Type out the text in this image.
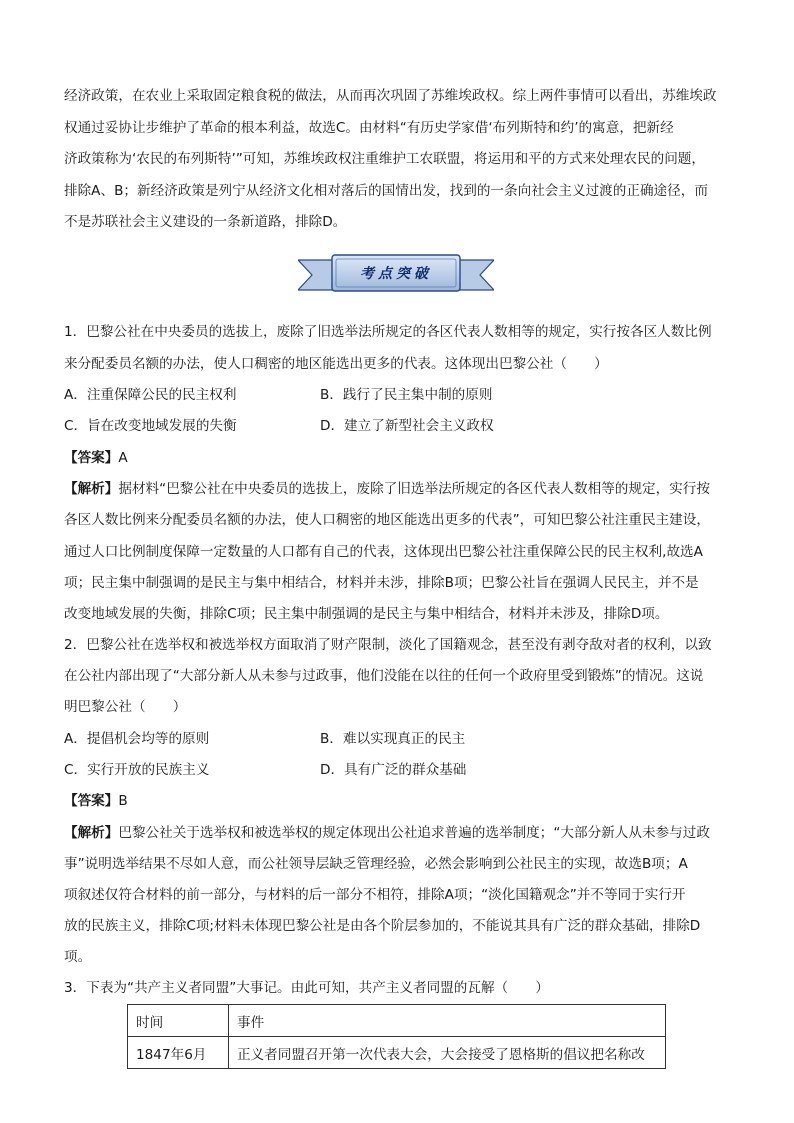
经济政策，在农业上采取固定粮食税的做法，从而再次巩固了苏维埃政权。综上两件事情可以看出，苏维埃政
权通过妥协让步维护了革命的根本利益，故选C。由材料“有历史学家借‘布列斯特和约’的寓意，把新经
济政策称为‘农民的布列斯特’”可知，苏维埃政权注重维护工农联盟，将运用和平的方式来处理农民的问题，
排除A、B；新经济政策是列宁从经济文化相对落后的国情出发，找到的一条向社会主义过渡的正确途径，而
不是苏联社会主义建设的一条新道路，排除D。
考点突破
1．巴黎公社在中央委员的选拔上，废除了旧选举法所规定的各区代表人数相等的规定，实行按各区人数比例
来分配委员名额的办法，使人口稠密的地区能选出更多的代表。这体现出巴黎公社（　　）
A．注重保障公民的民主权利	B．践行了民主集中制的原则
C．旨在改变地域发展的失衡	D．建立了新型社会主义政权
【答案】A
【解析】据材料“巴黎公社在中央委员的选拔上，废除了旧选举法所规定的各区代表人数相等的规定，实行按
各区人数比例来分配委员名额的办法，使人口稠密的地区能选出更多的代表”，可知巴黎公社注重民主建设，
通过人口比例制度保障一定数量的人口都有自己的代表，这体现出巴黎公社注重保障公民的民主权利,故选A
项；民主集中制强调的是民主与集中相结合，材料并未涉，排除B项；巴黎公社旨在强调人民民主，并不是
改变地域发展的失衡，排除C项；民主集中制强调的是民主与集中相结合，材料并未涉及，排除D项。
2．巴黎公社在选举权和被选举权方面取消了财产限制，淡化了国籍观念，甚至没有剥夺敌对者的权利，以致
在公社内部出现了“大部分新人从未参与过政事，他们没能在以往的任何一个政府里受到锻炼”的情况。这说
明巴黎公社（　　）
A．提倡机会均等的原则	B．难以实现真正的民主
C．实行开放的民族主义	D．具有广泛的群众基础
【答案】B
【解析】巴黎公社关于选举权和被选举权的规定体现出公社追求普遍的选举制度；“大部分新人从未参与过政
事”说明选举结果不尽如人意，而公社领导层缺乏管理经验，必然会影响到公社民主的实现，故选B项；A
项叙述仅符合材料的前一部分，与材料的后一部分不相符，排除A项；“淡化国籍观念”并不等同于实行开
放的民族主义，排除C项;材料未体现巴黎公社是由各个阶层参加的，不能说其具有广泛的群众基础，排除D
项。
3．下表为“共产主义者同盟”大事记。由此可知，共产主义者同盟的瓦解（　　）
时间	事件
1847年6月	正义者同盟召开第一次代表大会，大会接受了恩格斯的倡议把名称改
